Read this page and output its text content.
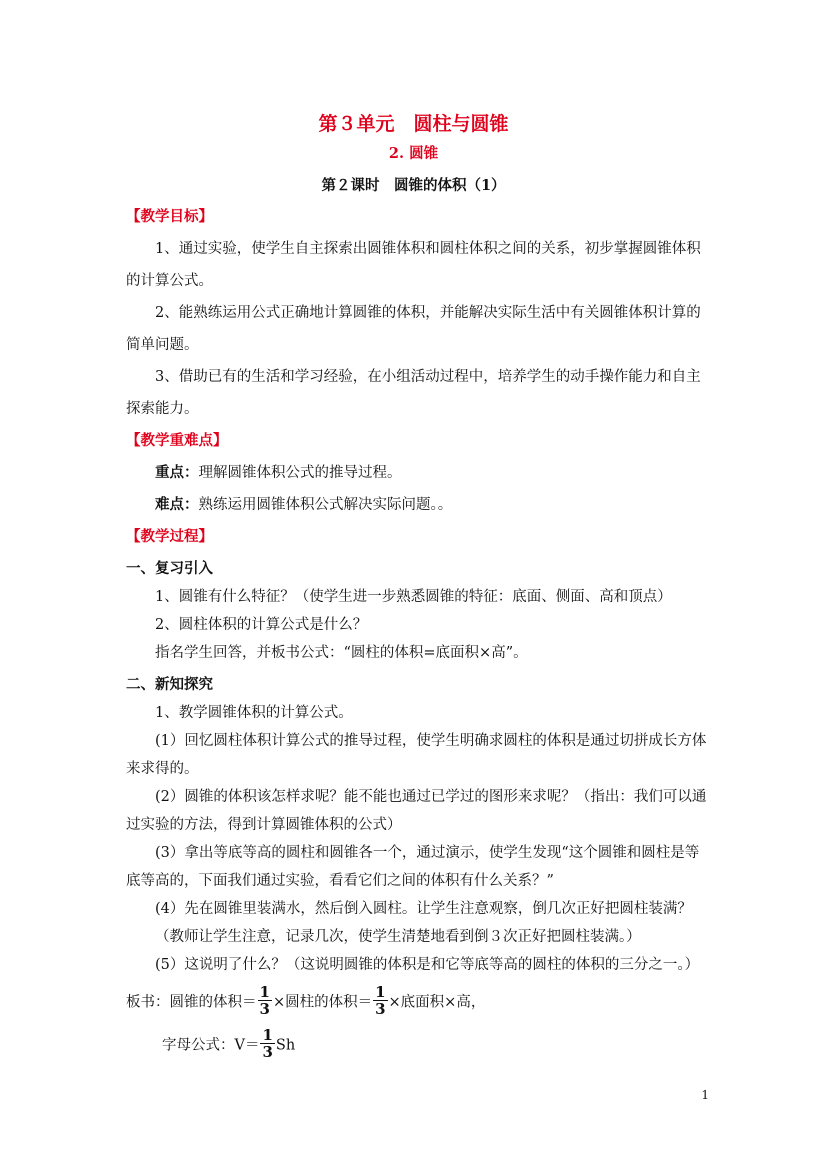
第３单元　圆柱与圆锥
2. 圆锥
第２课时　圆锥的体积（1）
【教学目标】
1、通过实验，使学生自主探索出圆锥体积和圆柱体积之间的关系，初步掌握圆锥体积
的计算公式。
2、能熟练运用公式正确地计算圆锥的体积，并能解决实际生活中有关圆锥体积计算的
简单问题。
3、借助已有的生活和学习经验，在小组活动过程中，培养学生的动手操作能力和自主
探索能力。
【教学重难点】
重点：理解圆锥体积公式的推导过程。
难点：熟练运用圆锥体积公式解决实际问题。。
【教学过程】
一、复习引入
1、圆锥有什么特征？（使学生进一步熟悉圆锥的特征：底面、侧面、高和顶点）
2、圆柱体积的计算公式是什么？
指名学生回答，并板书公式：“圆柱的体积=底面积×高”。
二、新知探究
1、教学圆锥体积的计算公式。
(1）回忆圆柱体积计算公式的推导过程，使学生明确求圆柱的体积是通过切拼成长方体
来求得的。
(2）圆锥的体积该怎样求呢？能不能也通过已学过的图形来求呢？（指出：我们可以通
过实验的方法，得到计算圆锥体积的公式）
(3）拿出等底等高的圆柱和圆锥各一个，通过演示，使学生发现“这个圆锥和圆柱是等
底等高的，下面我们通过实验，看看它们之间的体积有什么关系？”
(4）先在圆锥里装满水，然后倒入圆柱。让学生注意观察，倒几次正好把圆柱装满？
（教师让学生注意，记录几次，使学生清楚地看到倒３次正好把圆柱装满。）
(5）这说明了什么？（这说明圆锥的体积是和它等底等高的圆柱的体积的三分之一。）
板书：圆锥的体积＝ $\frac{1}{3}$ ×圆柱的体积＝ $\frac{1}{3}$ ×底面积×高，
字母公式：$V= \frac{1}{3}$ Sh
1
